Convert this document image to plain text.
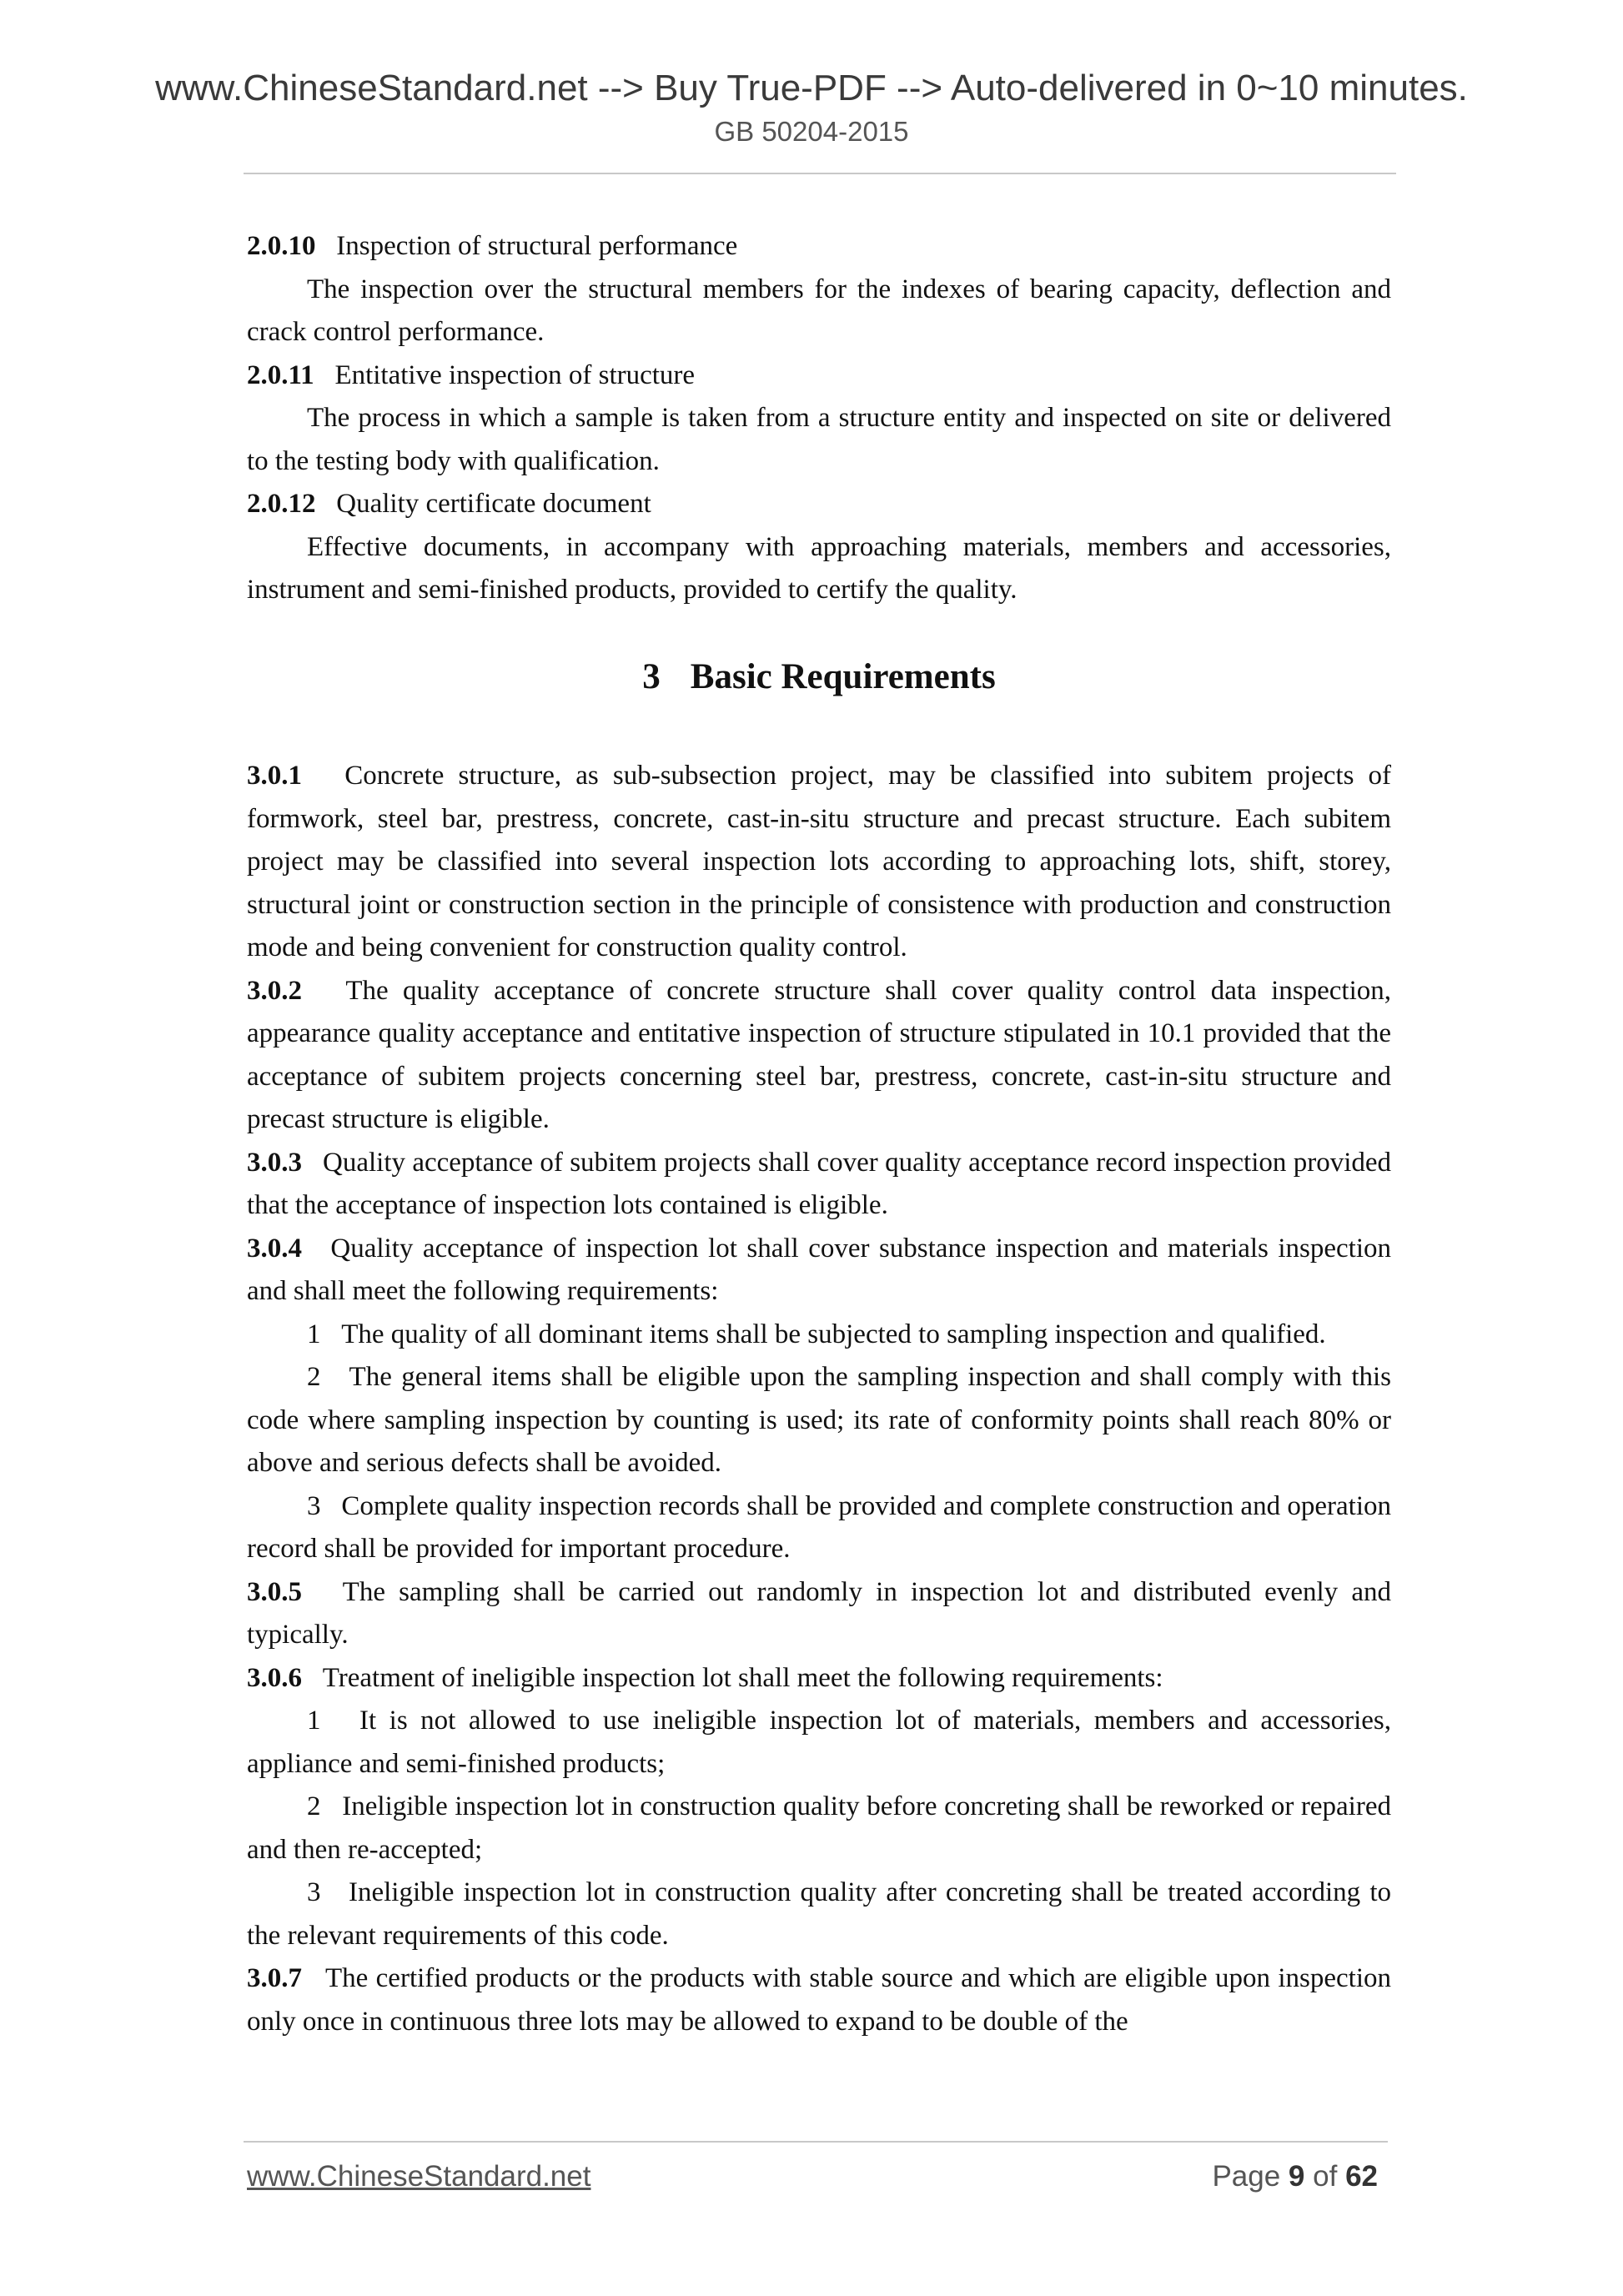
www.ChineseStandard.net --> Buy True-PDF --> Auto-delivered in 0~10 minutes.
GB 50204-2015

2.0.10 Inspection of structural performance

The inspection over the structural members for the indexes of bearing capacity, deflection and crack control performance.

2.0.11 Entitative inspection of structure

The process in which a sample is taken from a structure entity and inspected on site or delivered to the testing body with qualification.

2.0.12 Quality certificate document

Effective documents, in accompany with approaching materials, members and accessories, instrument and semi-finished products, provided to certify the quality.

3 Basic Requirements

3.0.1 Concrete structure, as sub-subsection project, may be classified into subitem projects of formwork, steel bar, prestress, concrete, cast-in-situ structure and precast structure. Each subitem project may be classified into several inspection lots according to approaching lots, shift, storey, structural joint or construction section in the principle of consistence with production and construction mode and being convenient for construction quality control.

3.0.2 The quality acceptance of concrete structure shall cover quality control data inspection, appearance quality acceptance and entitative inspection of structure stipulated in 10.1 provided that the acceptance of subitem projects concerning steel bar, prestress, concrete, cast-in-situ structure and precast structure is eligible.

3.0.3 Quality acceptance of subitem projects shall cover quality acceptance record inspection provided that the acceptance of inspection lots contained is eligible.

3.0.4 Quality acceptance of inspection lot shall cover substance inspection and materials inspection and shall meet the following requirements:

1 The quality of all dominant items shall be subjected to sampling inspection and qualified.

2 The general items shall be eligible upon the sampling inspection and shall comply with this code where sampling inspection by counting is used; its rate of conformity points shall reach 80% or above and serious defects shall be avoided.

3 Complete quality inspection records shall be provided and complete construction and operation record shall be provided for important procedure.

3.0.5 The sampling shall be carried out randomly in inspection lot and distributed evenly and typically.

3.0.6 Treatment of ineligible inspection lot shall meet the following requirements:

1 It is not allowed to use ineligible inspection lot of materials, members and accessories, appliance and semi-finished products;

2 Ineligible inspection lot in construction quality before concreting shall be reworked or repaired and then re-accepted;

3 Ineligible inspection lot in construction quality after concreting shall be treated according to the relevant requirements of this code.

3.0.7 The certified products or the products with stable source and which are eligible upon inspection only once in continuous three lots may be allowed to expand to be double of the

www.ChineseStandard.net	Page 9 of 62
